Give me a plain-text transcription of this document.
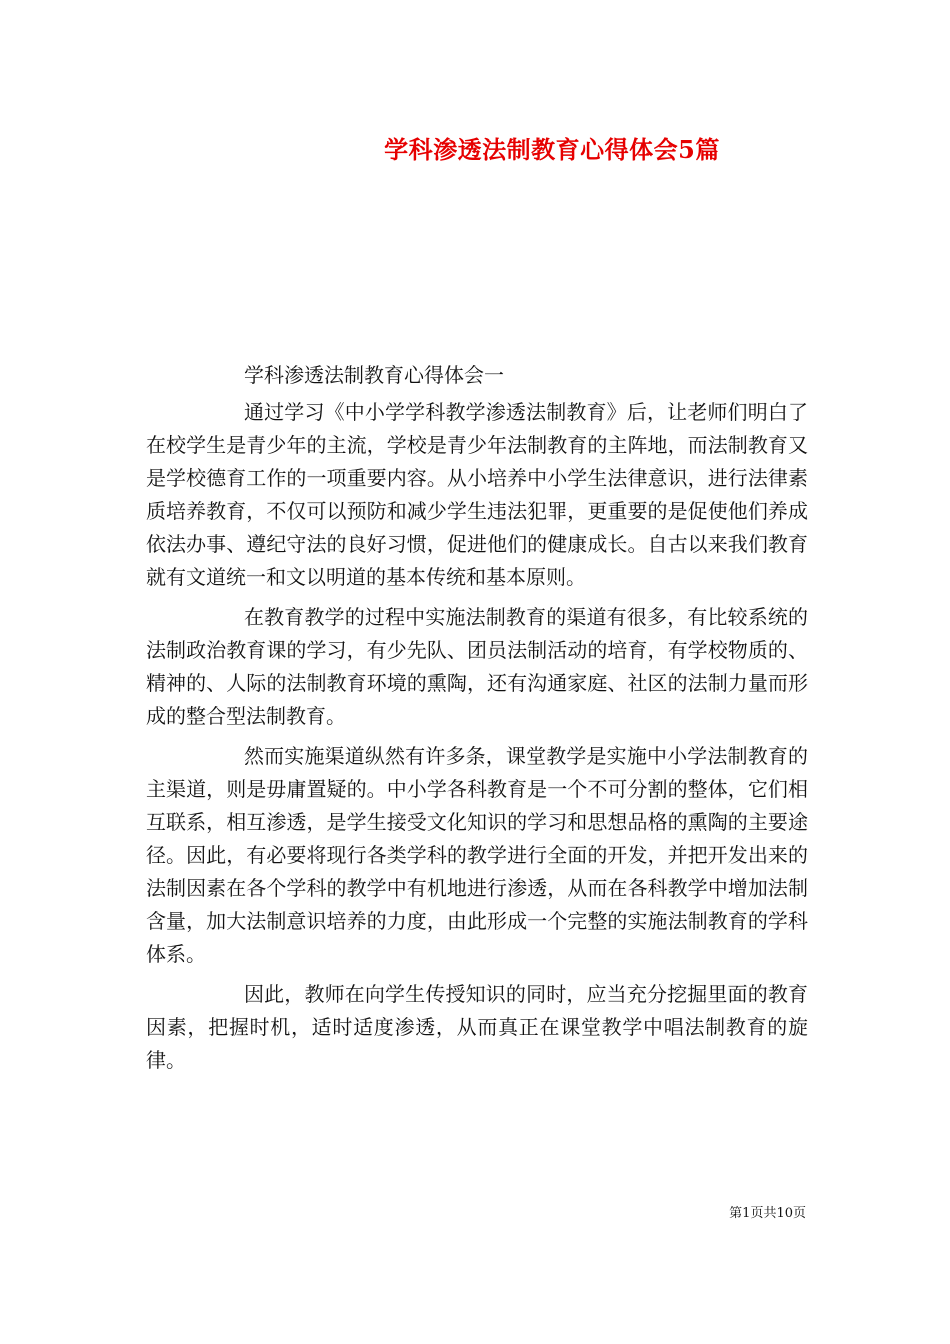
学科渗透法制教育心得体会5篇

学科渗透法制教育心得体会一

通过学习《中小学学科教学渗透法制教育》后，让老师们明白了在校学生是青少年的主流，学校是青少年法制教育的主阵地，而法制教育又是学校德育工作的一项重要内容。从小培养中小学生法律意识，进行法律素质培养教育，不仅可以预防和减少学生违法犯罪，更重要的是促使他们养成依法办事、遵纪守法的良好习惯，促进他们的健康成长。自古以来我们教育就有文道统一和文以明道的基本传统和基本原则。

在教育教学的过程中实施法制教育的渠道有很多，有比较系统的法制政治教育课的学习，有少先队、团员法制活动的培育，有学校物质的、精神的、人际的法制教育环境的熏陶，还有沟通家庭、社区的法制力量而形成的整合型法制教育。

然而实施渠道纵然有许多条，课堂教学是实施中小学法制教育的主渠道，则是毋庸置疑的。中小学各科教育是一个不可分割的整体，它们相互联系，相互渗透，是学生接受文化知识的学习和思想品格的熏陶的主要途径。因此，有必要将现行各类学科的教学进行全面的开发，并把开发出来的法制因素在各个学科的教学中有机地进行渗透，从而在各科教学中增加法制含量，加大法制意识培养的力度，由此形成一个完整的实施法制教育的学科体系。

因此，教师在向学生传授知识的同时，应当充分挖掘里面的教育因素，把握时机，适时适度渗透，从而真正在课堂教学中唱法制教育的旋律。

第1页共10页
